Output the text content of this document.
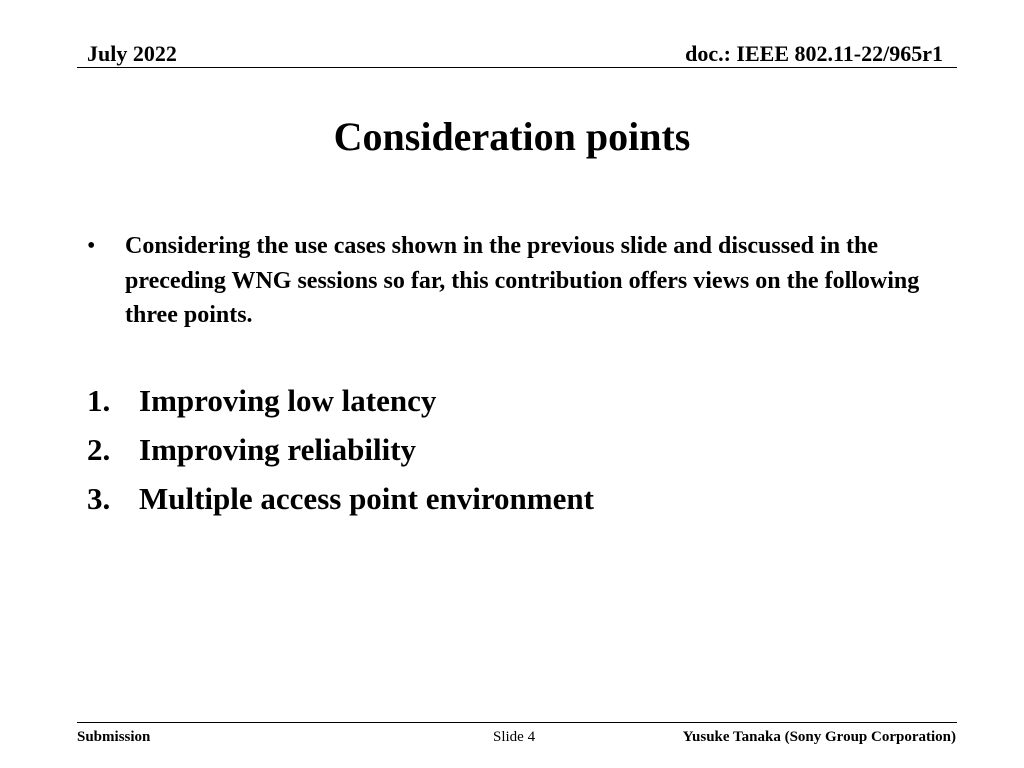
July 2022	doc.: IEEE 802.11-22/965r1
Consideration points
• Considering the use cases shown in the previous slide and discussed in the preceding WNG sessions so far, this contribution offers views on the following three points.
1. Improving low latency
2. Improving reliability
3. Multiple access point environment
Submission	Slide 4	Yusuke Tanaka (Sony Group Corporation)
